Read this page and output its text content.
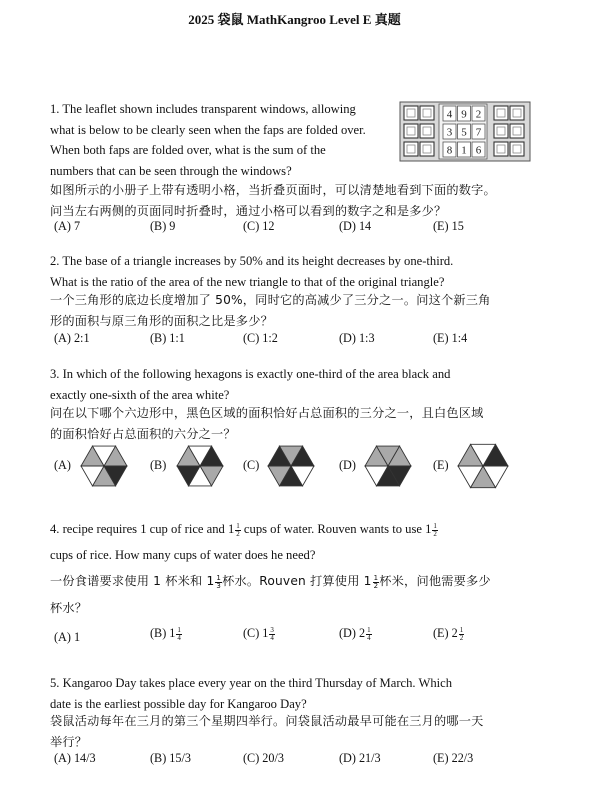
2025 袋鼠 MathKangroo Level E 真题
1. The leaflet shown includes transparent windows, allowing
what is below to be clearly seen when the faps are folded over.
When both faps are folded over, what is the sum of the
numbers that can be seen through the windows?
4 9 2
3 5 7
8 1 6
如图所示的小册子上带有透明小格，当折叠页面时，可以清楚地看到下面的数字。
问当左右两侧的页面同时折叠时，通过小格可以看到的数字之和是多少？
(A) 7	(B) 9	(C) 12	(D) 14	(E) 15
2. The base of a triangle increases by 50% and its height decreases by one-third.
What is the ratio of the area of the new triangle to that of the original triangle?
一个三角形的底边长度增加了 50%，同时它的高减少了三分之一。问这个新三角
形的面积与原三角形的面积之比是多少？
(A) 2:1	(B) 1:1	(C) 1:2	(D) 1:3	(E) 1:4
3. In which of the following hexagons is exactly one-third of the area black and
exactly one-sixth of the area white?
问在以下哪个六边形中，黑色区域的面积恰好占总面积的三分之一，且白色区域
的面积恰好占总面积的六分之一？
(A)	(B)	(C)	(D)	(E)
4. recipe requires 1 cup of rice and $1 \frac{1}{2}$ cups of water. Rouven wants to use $1 \frac{1}{2}$
cups of rice. How many cups of water does he need?
一份食谱要求使用 1 杯米和 $1 \frac{1}{3}$ 杯水。Rouven 打算使用 $1 \frac{1}{2}$ 杯米，问他需要多少
杯水？
(A) 1	(B) $1 \frac{1}{4}$	(C) $1 \frac{3}{4}$	(D) $2 \frac{1}{4}$	(E) $2 \frac{1}{2}$
5. Kangaroo Day takes place every year on the third Thursday of March. Which
date is the earliest possible day for Kangaroo Day?
袋鼠活动每年在三月的第三个星期四举行。问袋鼠活动最早可能在三月的哪一天
举行？
(A) 14/3	(B) 15/3	(C) 20/3	(D) 21/3	(E) 22/3
